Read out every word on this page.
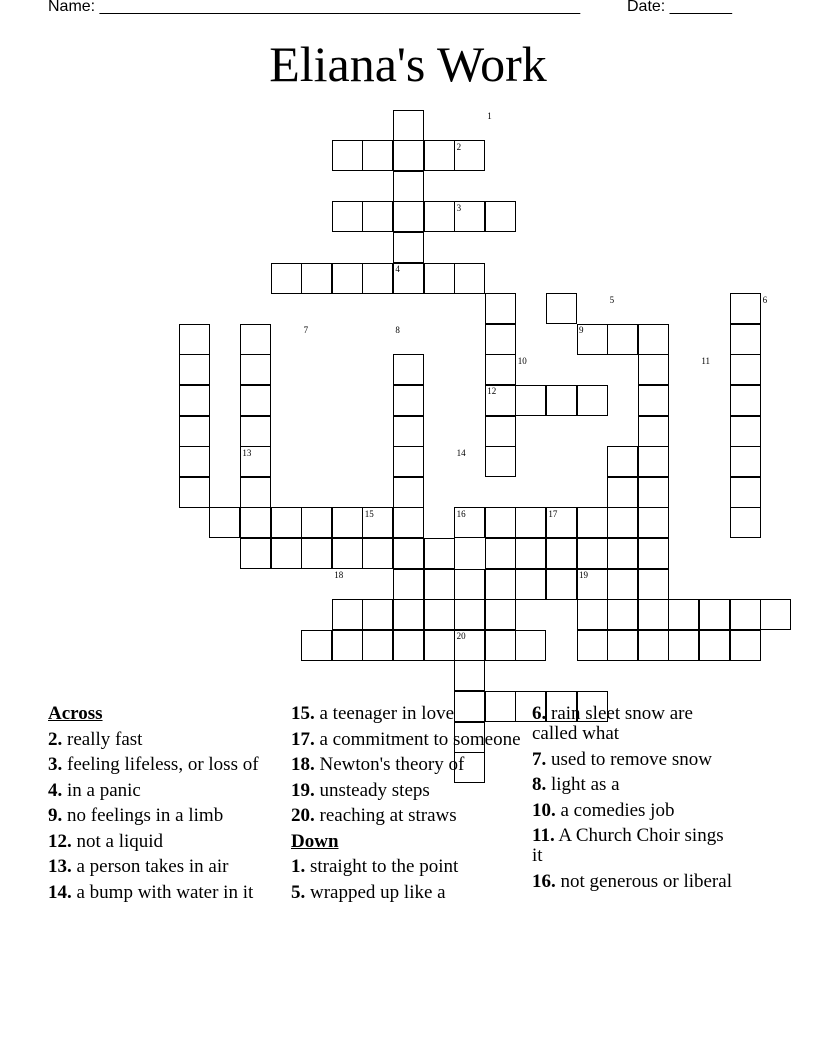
Name: ______________________________________________________	Date: _______
Eliana's Work
1
2
3
4
5	6
7	8	9
10	11
12
13	14
15	16	17
18	19
20
Across
2. really fast
3. feeling lifeless, or loss of
4. in a panic
9. no feelings in a limb
12. not a liquid
13. a person takes in air
14. a bump with water in it
15. a teenager in love
17. a commitment to someone
18. Newton's theory of
19. unsteady steps
20. reaching at straws
Down
1. straight to the point
5. wrapped up like a
6. rain sleet snow are called what
7. used to remove snow
8. light as a
10. a comedies job
11. A Church Choir sings it
16. not generous or liberal
